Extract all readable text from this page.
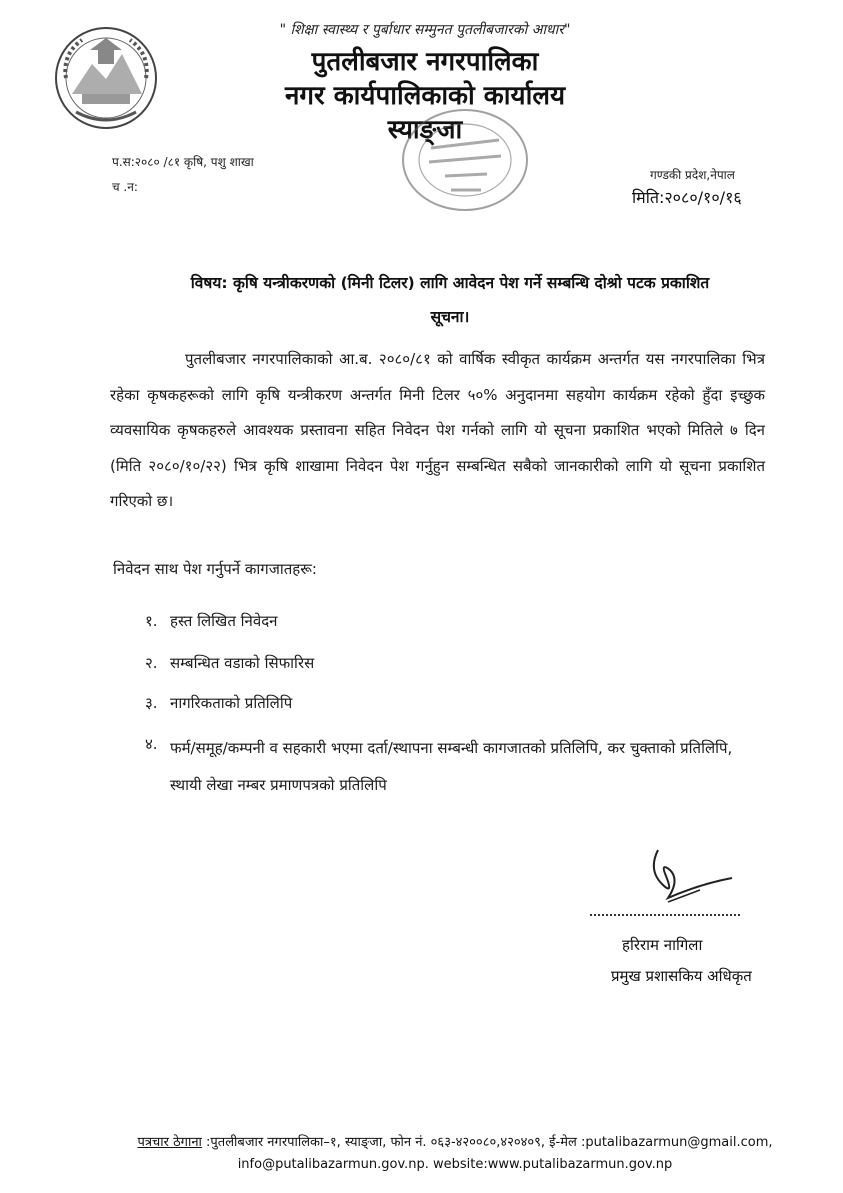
" शिक्षा स्वास्थ्य र पुर्बाधार सम्मुनत पुतलीबजारको आधार"
पुतलीबजार नगरपालिका
नगर कार्यपालिकाको कार्यालय
स्याङ्जा
प.स:२०८० /८१ कृषि, पशु शाखा
च .न:
गण्डकी प्रदेश,नेपाल
मिति:२०८०/१०/१६
विषय: कृषि यन्त्रीकरणको (मिनी टिलर) लागि आवेदन पेश गर्ने सम्बन्धि दोश्रो पटक प्रकाशित
सूचना।
पुतलीबजार नगरपालिकाको आ.ब. २०८०/८१ को वार्षिक स्वीकृत कार्यक्रम अन्तर्गत यस नगरपालिका भित्र रहेका कृषकहरूको लागि कृषि यन्त्रीकरण अन्तर्गत मिनी टिलर ५०% अनुदानमा सहयोग कार्यक्रम रहेको हुँदा इच्छुक व्यवसायिक कृषकहरुले आवश्यक प्रस्तावना सहित निवेदन पेश गर्नको लागि यो सूचना प्रकाशित भएको मितिले ७ दिन (मिति २०८०/१०/२२) भित्र कृषि शाखामा निवेदन पेश गर्नुहुन सम्बन्धित सबैको जानकारीको लागि यो सूचना प्रकाशित गरिएको छ।
निवेदन साथ पेश गर्नुपर्ने कागजातहरू:
१. हस्त लिखित निवेदन
२. सम्बन्धित वडाको सिफारिस
३. नागरिकताको प्रतिलिपि
४. फर्म/समूह/कम्पनी व सहकारी भएमा दर्ता/स्थापना सम्बन्धी कागजातको प्रतिलिपि, कर चुक्ताको प्रतिलिपि, स्थायी लेखा नम्बर प्रमाणपत्रको प्रतिलिपि
हरिराम नागिला
प्रमुख प्रशासकिय अधिकृत
पत्रचार ठेगाना :पुतलीबजार नगरपालिका–१, स्याङ्जा, फोन नं. ०६३-४२००८०,४२०४०९, ई-मेल :putalibazarmun@gmail.com,
info@putalibazarmun.gov.np. website:www.putalibazarmun.gov.np
